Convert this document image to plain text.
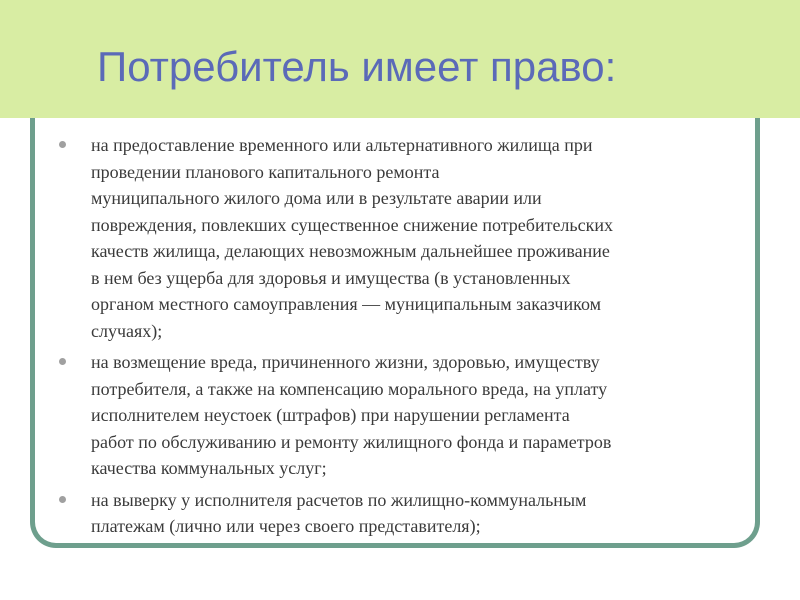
Потребитель имеет право:
на предоставление временного или альтернативного жилища при
проведении планового капитального ремонта
муниципального жилого дома или в результате аварии или
повреждения, повлекших существенное снижение потребительских
качеств жилища, делающих невозможным дальнейшее проживание
в нем без ущерба для здоровья и имущества (в установленных
органом местного самоуправления — муниципальным заказчиком
случаях);
на возмещение вреда, причиненного жизни, здоровью, имуществу
потребителя, а также на компенсацию морального вреда, на уплату
исполнителем неустоек (штрафов) при нарушении регламента
работ по обслуживанию и ремонту жилищного фонда и параметров
качества коммунальных услуг;
на выверку у исполнителя расчетов по жилищно-коммунальным
платежам (лично или через своего представителя);
